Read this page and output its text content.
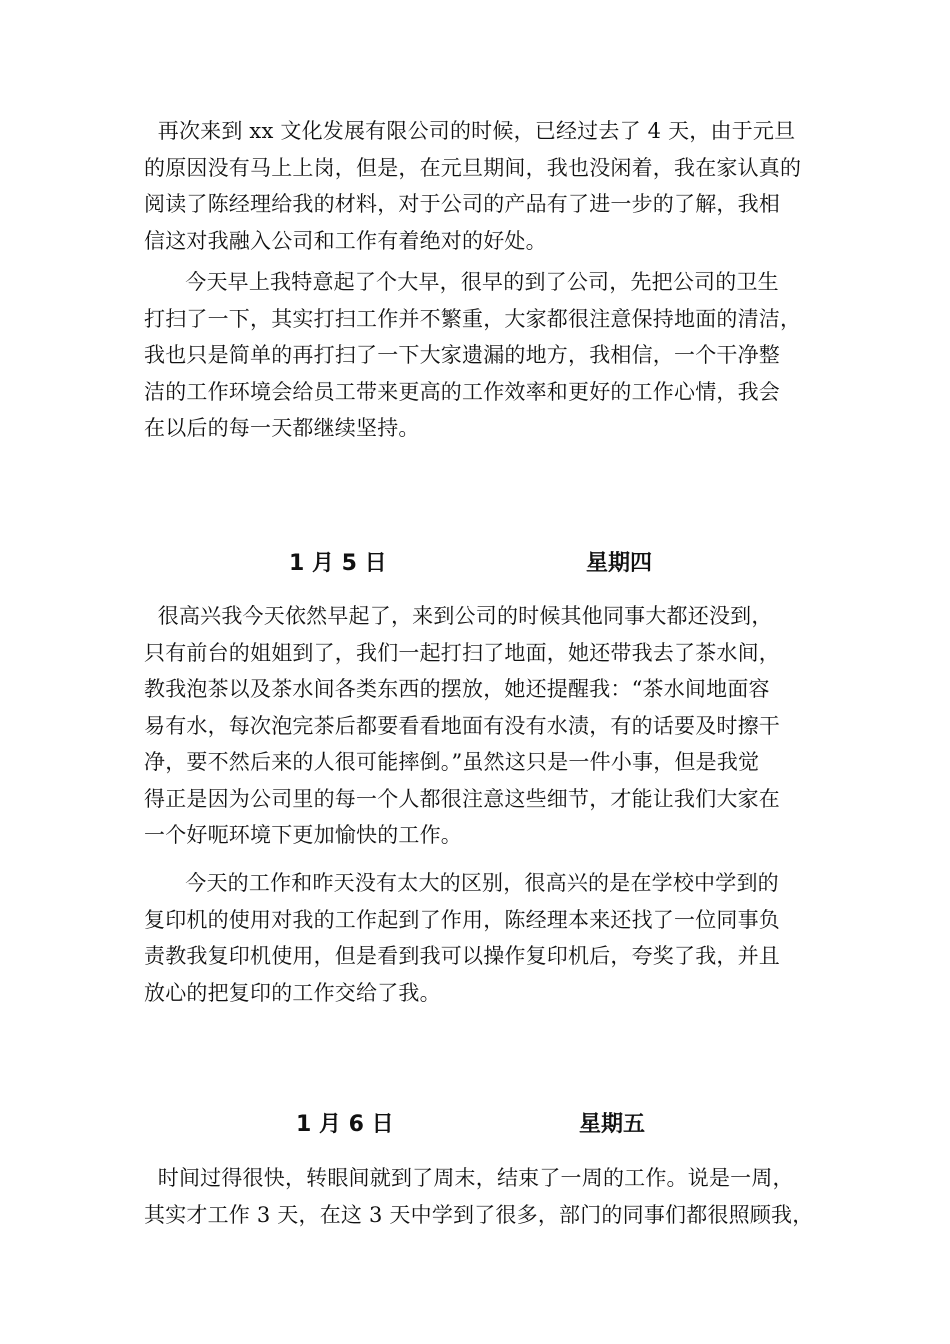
再次来到 xx 文化发展有限公司的时候，已经过去了 4 天，由于元旦
的原因没有马上上岗，但是，在元旦期间，我也没闲着，我在家认真的
阅读了陈经理给我的材料，对于公司的产品有了进一步的了解，我相
信这对我融入公司和工作有着绝对的好处。

今天早上我特意起了个大早，很早的到了公司，先把公司的卫生
打扫了一下，其实打扫工作并不繁重，大家都很注意保持地面的清洁，
我也只是简单的再打扫了一下大家遗漏的地方，我相信，一个干净整
洁的工作环境会给员工带来更高的工作效率和更好的工作心情，我会
在以后的每一天都继续坚持。

1 月 5 日	星期四

很高兴我今天依然早起了，来到公司的时候其他同事大都还没到，
只有前台的姐姐到了，我们一起打扫了地面，她还带我去了茶水间，
教我泡茶以及茶水间各类东西的摆放，她还提醒我：“茶水间地面容
易有水，每次泡完茶后都要看看地面有没有水渍，有的话要及时擦干
净，要不然后来的人很可能摔倒。”虽然这只是一件小事，但是我觉
得正是因为公司里的每一个人都很注意这些细节，才能让我们大家在
一个好呃环境下更加愉快的工作。

今天的工作和昨天没有太大的区别，很高兴的是在学校中学到的
复印机的使用对我的工作起到了作用，陈经理本来还找了一位同事负
责教我复印机使用，但是看到我可以操作复印机后，夸奖了我，并且
放心的把复印的工作交给了我。

1 月 6 日	星期五

时间过得很快，转眼间就到了周末，结束了一周的工作。说是一周，
其实才工作 3 天，在这 3 天中学到了很多，部门的同事们都很照顾我，
